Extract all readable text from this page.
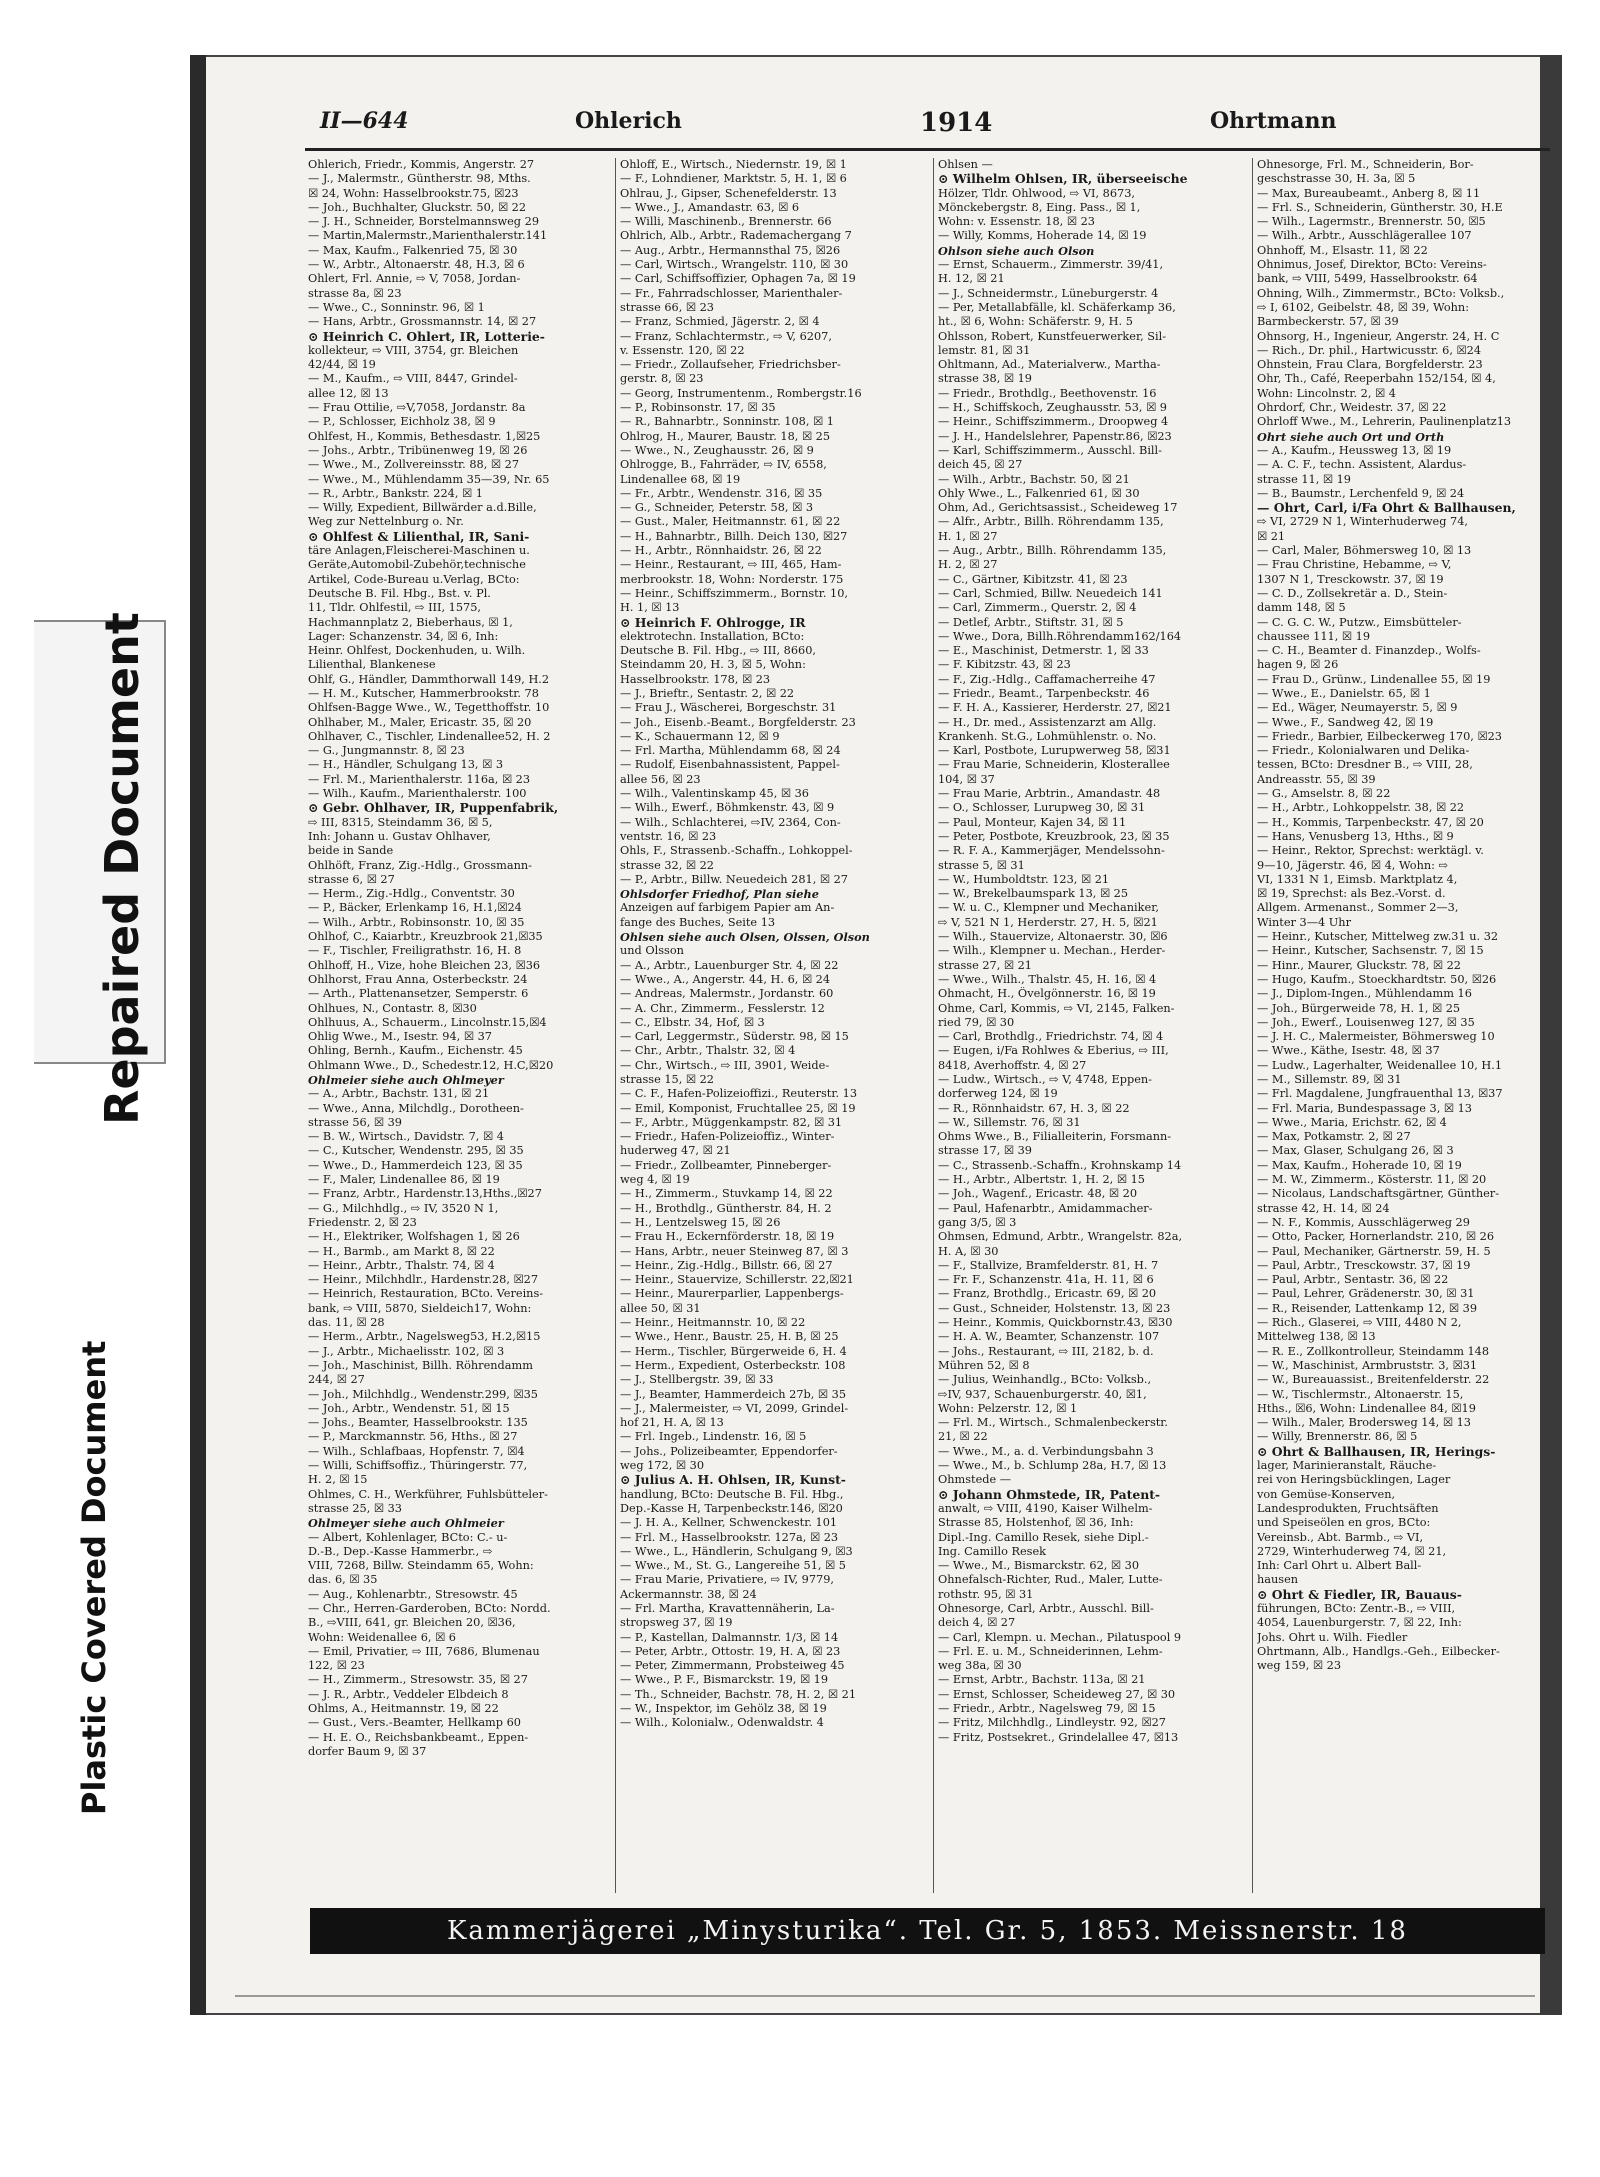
Repaired Document
Plastic Covered Document
II—644	Ohlerich	1914	Ohrtmann
Ohlerich, Friedr., Kommis, Angerstr. 27
— J., Malermstr., Güntherstr. 98, Mths.
☒ 24, Wohn: Hasselbrookstr.75, ☒23
— Joh., Buchhalter, Gluckstr. 50, ☒ 22
— J. H., Schneider, Borstelmannsweg 29
— Martin,Malermstr.,Marienthalerstr.141
— Max, Kaufm., Falkenried 75, ☒ 30
— W., Arbtr., Altonaerstr. 48, H.3, ☒ 6
Ohlert, Frl. Annie, ⇨ V, 7058, Jordan-
strasse 8a, ☒ 23
— Wwe., C., Sonninstr. 96, ☒ 1
— Hans, Arbtr., Grossmannstr. 14, ☒ 27
⊙ Heinrich C. Ohlert, IR, Lotterie-
kollekteur, ⇨ VIII, 3754, gr. Bleichen
42/44, ☒ 19
— M., Kaufm., ⇨ VIII, 8447, Grindel-
allee 12, ☒ 13
— Frau Ottilie, ⇨V,7058, Jordanstr. 8a
— P., Schlosser, Eichholz 38, ☒ 9
Ohlfest, H., Kommis, Bethesdastr. 1,☒25
— Johs., Arbtr., Tribünenweg 19, ☒ 26
— Wwe., M., Zollvereinsstr. 88, ☒ 27
— Wwe., M., Mühlendamm 35—39, Nr. 65
— R., Arbtr., Bankstr. 224, ☒ 1
— Willy, Expedient, Billwärder a.d.Bille,
Weg zur Nettelnburg o. Nr.
⊙ Ohlfest & Lilienthal, IR, Sani-
täre Anlagen,Fleischerei-Maschinen u.
Geräte,Automobil-Zubehör,technische
Artikel, Code-Bureau u.Verlag, BCto:
Deutsche B. Fil. Hbg., Bst. v. Pl.
11, Tldr. Ohlfestil, ⇨ III, 1575,
Hachmannplatz 2, Bieberhaus, ☒ 1,
Lager: Schanzenstr. 34, ☒ 6, Inh:
Heinr. Ohlfest, Dockenhuden, u. Wilh.
Lilienthal, Blankenese
Ohlf, G., Händler, Dammthorwall 149, H.2
— H. M., Kutscher, Hammerbrookstr. 78
Ohlfsen-Bagge Wwe., W., Tegetthoffstr. 10
Ohlhaber, M., Maler, Ericastr. 35, ☒ 20
Ohlhaver, C., Tischler, Lindenallee52, H. 2
— G., Jungmannstr. 8, ☒ 23
— H., Händler, Schulgang 13, ☒ 3
— Frl. M., Marienthalerstr. 116a, ☒ 23
— Wilh., Kaufm., Marienthalerstr. 100
⊙ Gebr. Ohlhaver, IR, Puppenfabrik,
⇨ III, 8315, Steindamm 36, ☒ 5,
Inh: Johann u. Gustav Ohlhaver,
beide in Sande
Ohlhöft, Franz, Zig.-Hdlg., Grossmann-
strasse 6, ☒ 27
— Herm., Zig.-Hdlg., Conventstr. 30
— P., Bäcker, Erlenkamp 16, H.1,☒24
— Wilh., Arbtr., Robinsonstr. 10, ☒ 35
Ohlhof, C., Kaiarbtr., Kreuzbrook 21,☒35
— F., Tischler, Freiligrathstr. 16, H. 8
Ohlhoff, H., Vize, hohe Bleichen 23, ☒36
Ohlhorst, Frau Anna, Osterbeckstr. 24
— Arth., Plattenansetzer, Semperstr. 6
Ohlhues, N., Contastr. 8, ☒30
Ohlhuus, A., Schauerm., Lincolnstr.15,☒4
Ohlig Wwe., M., Isestr. 94, ☒ 37
Ohling, Bernh., Kaufm., Eichenstr. 45
Ohlmann Wwe., D., Schedestr.12, H.C,☒20
Ohlmeier siehe auch Ohlmeyer
— A., Arbtr., Bachstr. 131, ☒ 21
— Wwe., Anna, Milchdlg., Dorotheen-
strasse 56, ☒ 39
— B. W., Wirtsch., Davidstr. 7, ☒ 4
— C., Kutscher, Wendenstr. 295, ☒ 35
— Wwe., D., Hammerdeich 123, ☒ 35
— F., Maler, Lindenallee 86, ☒ 19
— Franz, Arbtr., Hardenstr.13,Hths.,☒27
— G., Milchhdlg., ⇨ IV, 3520 N 1,
Friedenstr. 2, ☒ 23
— H., Elektriker, Wolfshagen 1, ☒ 26
— H., Barmb., am Markt 8, ☒ 22
— Heinr., Arbtr., Thalstr. 74, ☒ 4
— Heinr., Milchhdlr., Hardenstr.28, ☒27
— Heinrich, Restauration, BCto. Vereins-
bank, ⇨ VIII, 5870, Sieldeich17, Wohn:
das. 11, ☒ 28
— Herm., Arbtr., Nagelsweg53, H.2,☒15
— J., Arbtr., Michaelisstr. 102, ☒ 3
— Joh., Maschinist, Billh. Röhrendamm
244, ☒ 27
— Joh., Milchhdlg., Wendenstr.299, ☒35
— Joh., Arbtr., Wendenstr. 51, ☒ 15
— Johs., Beamter, Hasselbrookstr. 135
— P., Marckmannstr. 56, Hths., ☒ 27
— Wilh., Schlafbaas, Hopfenstr. 7, ☒4
— Willi, Schiffsoffiz., Thüringerstr. 77,
H. 2, ☒ 15
Ohlmes, C. H., Werkführer, Fuhlsbütteler-
strasse 25, ☒ 33
Ohlmeyer siehe auch Ohlmeier
— Albert, Kohlenlager, BCto: C.- u-
D.-B., Dep.-Kasse Hammerbr., ⇨
VIII, 7268, Billw. Steindamm 65, Wohn:
das. 6, ☒ 35
— Aug., Kohlenarbtr., Stresowstr. 45
— Chr., Herren-Garderoben, BCto: Nordd.
B., ⇨VIII, 641, gr. Bleichen 20, ☒36,
Wohn: Weidenallee 6, ☒ 6
— Emil, Privatier, ⇨ III, 7686, Blumenau
122, ☒ 23
— H., Zimmerm., Stresowstr. 35, ☒ 27
— J. R., Arbtr., Veddeler Elbdeich 8
Ohlms, A., Heitmannstr. 19, ☒ 22
— Gust., Vers.-Beamter, Hellkamp 60
— H. E. O., Reichsbankbeamt., Eppen-
dorfer Baum 9, ☒ 37
Ohloff, E., Wirtsch., Niedernstr. 19, ☒ 1
— F., Lohndiener, Marktstr. 5, H. 1, ☒ 6
Ohlrau, J., Gipser, Schenefelderstr. 13
— Wwe., J., Amandastr. 63, ☒ 6
— Willi, Maschinenb., Brennerstr. 66
Ohlrich, Alb., Arbtr., Rademachergang 7
— Aug., Arbtr., Hermannsthal 75, ☒26
— Carl, Wirtsch., Wrangelstr. 110, ☒ 30
— Carl, Schiffsoffizier, Ophagen 7a, ☒ 19
— Fr., Fahrradschlosser, Marienthaler-
strasse 66, ☒ 23
— Franz, Schmied, Jägerstr. 2, ☒ 4
— Franz, Schlachtermstr., ⇨ V, 6207,
v. Essenstr. 120, ☒ 22
— Friedr., Zollaufseher, Friedrichsber-
gerstr. 8, ☒ 23
— Georg, Instrumentenm., Rombergstr.16
— P., Robinsonstr. 17, ☒ 35
— R., Bahnarbtr., Sonninstr. 108, ☒ 1
Ohlrog, H., Maurer, Baustr. 18, ☒ 25
— Wwe., N., Zeughausstr. 26, ☒ 9
Ohlrogge, B., Fahrräder, ⇨ IV, 6558,
Lindenallee 68, ☒ 19
— Fr., Arbtr., Wendenstr. 316, ☒ 35
— G., Schneider, Peterstr. 58, ☒ 3
— Gust., Maler, Heitmannstr. 61, ☒ 22
— H., Bahnarbtr., Billh. Deich 130, ☒27
— H., Arbtr., Rönnhaidstr. 26, ☒ 22
— Heinr., Restaurant, ⇨ III, 465, Ham-
merbrookstr. 18, Wohn: Norderstr. 175
— Heinr., Schiffszimmerm., Bornstr. 10,
H. 1, ☒ 13
⊙ Heinrich F. Ohlrogge, IR
elektrotechn. Installation, BCto:
Deutsche B. Fil. Hbg., ⇨ III, 8660,
Steindamm 20, H. 3, ☒ 5, Wohn:
Hasselbrookstr. 178, ☒ 23
— J., Brieftr., Sentastr. 2, ☒ 22
— Frau J., Wäscherei, Borgeschstr. 31
— Joh., Eisenb.-Beamt., Borgfelderstr. 23
— K., Schauermann 12, ☒ 9
— Frl. Martha, Mühlendamm 68, ☒ 24
— Rudolf, Eisenbahnassistent, Pappel-
allee 56, ☒ 23
— Wilh., Valentinskamp 45, ☒ 36
— Wilh., Ewerf., Böhmkenstr. 43, ☒ 9
— Wilh., Schlachterei, ⇨IV, 2364, Con-
ventstr. 16, ☒ 23
Ohls, F., Strassenb.-Schaffn., Lohkoppel-
strasse 32, ☒ 22
— P., Arbtr., Billw. Neuedeich 281, ☒ 27
Ohlsdorfer Friedhof, Plan siehe
Anzeigen auf farbigem Papier am An-
fange des Buches, Seite 13
Ohlsen siehe auch Olsen, Olssen, Olson
und Olsson
— A., Arbtr., Lauenburger Str. 4, ☒ 22
— Wwe., A., Angerstr. 44, H. 6, ☒ 24
— Andreas, Malermstr., Jordanstr. 60
— A. Chr., Zimmerm., Fesslerstr. 12
— C., Elbstr. 34, Hof, ☒ 3
— Carl, Leggermstr., Süderstr. 98, ☒ 15
— Chr., Arbtr., Thalstr. 32, ☒ 4
— Chr., Wirtsch., ⇨ III, 3901, Weide-
strasse 15, ☒ 22
— C. F., Hafen-Polizeioffizi., Reuterstr. 13
— Emil, Komponist, Fruchtallee 25, ☒ 19
— F., Arbtr., Müggenkampstr. 82, ☒ 31
— Friedr., Hafen-Polizeioffiz., Winter-
huderweg 47, ☒ 21
— Friedr., Zollbeamter, Pinneberger-
weg 4, ☒ 19
— H., Zimmerm., Stuvkamp 14, ☒ 22
— H., Brothdlg., Güntherstr. 84, H. 2
— H., Lentzelsweg 15, ☒ 26
— Frau H., Eckernförderstr. 18, ☒ 19
— Hans, Arbtr., neuer Steinweg 87, ☒ 3
— Heinr., Zig.-Hdlg., Billstr. 66, ☒ 27
— Heinr., Stauervize, Schillerstr. 22,☒21
— Heinr., Maurerparlier, Lappenbergs-
allee 50, ☒ 31
— Heinr., Heitmannstr. 10, ☒ 22
— Wwe., Henr., Baustr. 25, H. B, ☒ 25
— Herm., Tischler, Bürgerweide 6, H. 4
— Herm., Expedient, Osterbeckstr. 108
— J., Stellbergstr. 39, ☒ 33
— J., Beamter, Hammerdeich 27b, ☒ 35
— J., Malermeister, ⇨ VI, 2099, Grindel-
hof 21, H. A, ☒ 13
— Frl. Ingeb., Lindenstr. 16, ☒ 5
— Johs., Polizeibeamter, Eppendorfer-
weg 172, ☒ 30
⊙ Julius A. H. Ohlsen, IR, Kunst-
handlung, BCto: Deutsche B. Fil. Hbg.,
Dep.-Kasse H, Tarpenbeckstr.146, ☒20
— J. H. A., Kellner, Schwenckestr. 101
— Frl. M., Hasselbrookstr. 127a, ☒ 23
— Wwe., L., Händlerin, Schulgang 9, ☒3
— Wwe., M., St. G., Langereihe 51, ☒ 5
— Frau Marie, Privatiere, ⇨ IV, 9779,
Ackermannstr. 38, ☒ 24
— Frl. Martha, Kravattennäherin, La-
stropsweg 37, ☒ 19
— P., Kastellan, Dalmannstr. 1/3, ☒ 14
— Peter, Arbtr., Ottostr. 19, H. A, ☒ 23
— Peter, Zimmermann, Probsteiweg 45
— Wwe., P. F., Bismarckstr. 19, ☒ 19
— Th., Schneider, Bachstr. 78, H. 2, ☒ 21
— W., Inspektor, im Gehölz 38, ☒ 19
— Wilh., Kolonialw., Odenwaldstr. 4
Ohlsen —
⊙ Wilhelm Ohlsen, IR, überseeische
Hölzer, Tldr. Ohlwood, ⇨ VI, 8673,
Mönckebergstr. 8, Eing. Pass., ☒ 1,
Wohn: v. Essenstr. 18, ☒ 23
— Willy, Komms, Hoherade 14, ☒ 19
Ohlson siehe auch Olson
— Ernst, Schauerm., Zimmerstr. 39/41,
H. 12, ☒ 21
— J., Schneidermstr., Lüneburgerstr. 4
— Per, Metallabfälle, kl. Schäferkamp 36,
ht., ☒ 6, Wohn: Schäferstr. 9, H. 5
Ohlsson, Robert, Kunstfeuerwerker, Sil-
lemstr. 81, ☒ 31
Ohltmann, Ad., Materialverw., Martha-
strasse 38, ☒ 19
— Friedr., Brothdlg., Beethovenstr. 16
— H., Schiffskoch, Zeughausstr. 53, ☒ 9
— Heinr., Schiffszimmerm., Droopweg 4
— J. H., Handelslehrer, Papenstr.86, ☒23
— Karl, Schiffszimmerm., Ausschl. Bill-
deich 45, ☒ 27
— Wilh., Arbtr., Bachstr. 50, ☒ 21
Ohly Wwe., L., Falkenried 61, ☒ 30
Ohm, Ad., Gerichtsassist., Scheideweg 17
— Alfr., Arbtr., Billh. Röhrendamm 135,
H. 1, ☒ 27
— Aug., Arbtr., Billh. Röhrendamm 135,
H. 2, ☒ 27
— C., Gärtner, Kibitzstr. 41, ☒ 23
— Carl, Schmied, Billw. Neuedeich 141
— Carl, Zimmerm., Querstr. 2, ☒ 4
— Detlef, Arbtr., Stiftstr. 31, ☒ 5
— Wwe., Dora, Billh.Röhrendamm162/164
— E., Maschinist, Detmerstr. 1, ☒ 33
— F. Kibitzstr. 43, ☒ 23
— F., Zig.-Hdlg., Caffamacherreihe 47
— Friedr., Beamt., Tarpenbeckstr. 46
— F. H. A., Kassierer, Herderstr. 27, ☒21
— H., Dr. med., Assistenzarzt am Allg.
Krankenh. St.G., Lohmühlenstr. o. No.
— Karl, Postbote, Lurupwerweg 58, ☒31
— Frau Marie, Schneiderin, Klosterallee
104, ☒ 37
— Frau Marie, Arbtrin., Amandastr. 48
— O., Schlosser, Lurupweg 30, ☒ 31
— Paul, Monteur, Kajen 34, ☒ 11
— Peter, Postbote, Kreuzbrook, 23, ☒ 35
— R. F. A., Kammerjäger, Mendelssohn-
strasse 5, ☒ 31
— W., Humboldtstr. 123, ☒ 21
— W., Brekelbaumspark 13, ☒ 25
— W. u. C., Klempner und Mechaniker,
⇨ V, 521 N 1, Herderstr. 27, H. 5, ☒21
— Wilh., Stauervize, Altonaerstr. 30, ☒6
— Wilh., Klempner u. Mechan., Herder-
strasse 27, ☒ 21
— Wwe., Wilh., Thalstr. 45, H. 16, ☒ 4
Ohmacht, H., Övelgönnerstr. 16, ☒ 19
Ohme, Carl, Kommis, ⇨ VI, 2145, Falken-
ried 79, ☒ 30
— Carl, Brothdlg., Friedrichstr. 74, ☒ 4
— Eugen, i/Fa Rohlwes & Eberius, ⇨ III,
8418, Averhoffstr. 4, ☒ 27
— Ludw., Wirtsch., ⇨ V, 4748, Eppen-
dorferweg 124, ☒ 19
— R., Rönnhaidstr. 67, H. 3, ☒ 22
— W., Sillemstr. 76, ☒ 31
Ohms Wwe., B., Filialleiterin, Forsmann-
strasse 17, ☒ 39
— C., Strassenb.-Schaffn., Krohnskamp 14
— H., Arbtr., Albertstr. 1, H. 2, ☒ 15
— Joh., Wagenf., Ericastr. 48, ☒ 20
— Paul, Hafenarbtr., Amidammacher-
gang 3/5, ☒ 3
Ohmsen, Edmund, Arbtr., Wrangelstr. 82a,
H. A, ☒ 30
— F., Stallvize, Bramfelderstr. 81, H. 7
— Fr. F., Schanzenstr. 41a, H. 11, ☒ 6
— Franz, Brothdlg., Ericastr. 69, ☒ 20
— Gust., Schneider, Holstenstr. 13, ☒ 23
— Heinr., Kommis, Quickbornstr.43, ☒30
— H. A. W., Beamter, Schanzenstr. 107
— Johs., Restaurant, ⇨ III, 2182, b. d.
Mühren 52, ☒ 8
— Julius, Weinhandlg., BCto: Volksb.,
⇨IV, 937, Schauenburgerstr. 40, ☒1,
Wohn: Pelzerstr. 12, ☒ 1
— Frl. M., Wirtsch., Schmalenbeckerstr.
21, ☒ 22
— Wwe., M., a. d. Verbindungsbahn 3
— Wwe., M., b. Schlump 28a, H.7, ☒ 13
Ohmstede —
⊙ Johann Ohmstede, IR, Patent-
anwalt, ⇨ VIII, 4190, Kaiser Wilhelm-
Strasse 85, Holstenhof, ☒ 36, Inh:
Dipl.-Ing. Camillo Resek, siehe Dipl.-
Ing. Camillo Resek
— Wwe., M., Bismarckstr. 62, ☒ 30
Ohnefalsch-Richter, Rud., Maler, Lutte-
rothstr. 95, ☒ 31
Ohnesorge, Carl, Arbtr., Ausschl. Bill-
deich 4, ☒ 27
— Carl, Klempn. u. Mechan., Pilatuspool 9
— Frl. E. u. M., Schneiderinnen, Lehm-
weg 38a, ☒ 30
— Ernst, Arbtr., Bachstr. 113a, ☒ 21
— Ernst, Schlosser, Scheideweg 27, ☒ 30
— Friedr., Arbtr., Nagelsweg 79, ☒ 15
— Fritz, Milchhdlg., Lindleystr. 92, ☒27
— Fritz, Postsekret., Grindelallee 47, ☒13
Ohnesorge, Frl. M., Schneiderin, Bor-
geschstrasse 30, H. 3a, ☒ 5
— Max, Bureaubeamt., Anberg 8, ☒ 11
— Frl. S., Schneiderin, Güntherstr. 30, H.E
— Wilh., Lagermstr., Brennerstr. 50, ☒5
— Wilh., Arbtr., Ausschlägerallee 107
Ohnhoff, M., Elsastr. 11, ☒ 22
Ohnimus, Josef, Direktor, BCto: Vereins-
bank, ⇨ VIII, 5499, Hasselbrookstr. 64
Ohning, Wilh., Zimmermstr., BCto: Volksb.,
⇨ I, 6102, Geibelstr. 48, ☒ 39, Wohn:
Barmbeckerstr. 57, ☒ 39
Ohnsorg, H., Ingenieur, Angerstr. 24, H. C
— Rich., Dr. phil., Hartwicusstr. 6, ☒24
Ohnstein, Frau Clara, Borgfelderstr. 23
Ohr, Th., Café, Reeperbahn 152/154, ☒ 4,
Wohn: Lincolnstr. 2, ☒ 4
Ohrdorf, Chr., Weidestr. 37, ☒ 22
Ohrloff Wwe., M., Lehrerin, Paulinenplatz13
Ohrt siehe auch Ort und Orth
— A., Kaufm., Heussweg 13, ☒ 19
— A. C. F., techn. Assistent, Alardus-
strasse 11, ☒ 19
— B., Baumstr., Lerchenfeld 9, ☒ 24
— Ohrt, Carl, i/Fa Ohrt & Ballhausen,
⇨ VI, 2729 N 1, Winterhuderweg 74,
☒ 21
— Carl, Maler, Böhmersweg 10, ☒ 13
— Frau Christine, Hebamme, ⇨ V,
1307 N 1, Tresckowstr. 37, ☒ 19
— C. D., Zollsekretär a. D., Stein-
damm 148, ☒ 5
— C. G. C. W., Putzw., Eimsbütteler-
chaussee 111, ☒ 19
— C. H., Beamter d. Finanzdep., Wolfs-
hagen 9, ☒ 26
— Frau D., Grünw., Lindenallee 55, ☒ 19
— Wwe., E., Danielstr. 65, ☒ 1
— Ed., Wäger, Neumayerstr. 5, ☒ 9
— Wwe., F., Sandweg 42, ☒ 19
— Friedr., Barbier, Eilbeckerweg 170, ☒23
— Friedr., Kolonialwaren und Delika-
tessen, BCto: Dresdner B., ⇨ VIII, 28,
Andreasstr. 55, ☒ 39
— G., Amselstr. 8, ☒ 22
— H., Arbtr., Lohkoppelstr. 38, ☒ 22
— H., Kommis, Tarpenbeckstr. 47, ☒ 20
— Hans, Venusberg 13, Hths., ☒ 9
— Heinr., Rektor, Sprechst: werktägl. v.
9—10, Jägerstr. 46, ☒ 4, Wohn: ⇨
VI, 1331 N 1, Eimsb. Marktplatz 4,
☒ 19, Sprechst: als Bez.-Vorst. d.
Allgem. Armenanst., Sommer 2—3,
Winter 3—4 Uhr
— Heinr., Kutscher, Mittelweg zw.31 u. 32
— Heinr., Kutscher, Sachsenstr. 7, ☒ 15
— Hinr., Maurer, Gluckstr. 78, ☒ 22
— Hugo, Kaufm., Stoeckhardtstr. 50, ☒26
— J., Diplom-Ingen., Mühlendamm 16
— Joh., Bürgerweide 78, H. 1, ☒ 25
— Joh., Ewerf., Louisenweg 127, ☒ 35
— J. H. C., Malermeister, Böhmersweg 10
— Wwe., Käthe, Isestr. 48, ☒ 37
— Ludw., Lagerhalter, Weidenallee 10, H.1
— M., Sillemstr. 89, ☒ 31
— Frl. Magdalene, Jungfrauenthal 13, ☒37
— Frl. Maria, Bundespassage 3, ☒ 13
— Wwe., Maria, Erichstr. 62, ☒ 4
— Max, Potkamstr. 2, ☒ 27
— Max, Glaser, Schulgang 26, ☒ 3
— Max, Kaufm., Hoherade 10, ☒ 19
— M. W., Zimmerm., Kösterstr. 11, ☒ 20
— Nicolaus, Landschaftsgärtner, Günther-
strasse 42, H. 14, ☒ 24
— N. F., Kommis, Ausschlägerweg 29
— Otto, Packer, Hornerlandstr. 210, ☒ 26
— Paul, Mechaniker, Gärtnerstr. 59, H. 5
— Paul, Arbtr., Tresckowstr. 37, ☒ 19
— Paul, Arbtr., Sentastr. 36, ☒ 22
— Paul, Lehrer, Grädenerstr. 30, ☒ 31
— R., Reisender, Lattenkamp 12, ☒ 39
— Rich., Glaserei, ⇨ VIII, 4480 N 2,
Mittelweg 138, ☒ 13
— R. E., Zollkontrolleur, Steindamm 148
— W., Maschinist, Armbruststr. 3, ☒31
— W., Bureauassist., Breitenfelderstr. 22
— W., Tischlermstr., Altonaerstr. 15,
Hths., ☒6, Wohn: Lindenallee 84, ☒19
— Wilh., Maler, Brodersweg 14, ☒ 13
— Willy, Brennerstr. 86, ☒ 5
⊙ Ohrt & Ballhausen, IR, Herings-
lager, Marinieranstalt, Räuche-
rei von Heringsbücklingen, Lager
von Gemüse-Konserven,
Landesprodukten, Fruchtsäften
und Speiseölen en gros, BCto:
Vereinsb., Abt. Barmb., ⇨ VI,
2729, Winterhuderweg 74, ☒ 21,
Inh: Carl Ohrt u. Albert Ball-
hausen
⊙ Ohrt & Fiedler, IR, Bauaus-
führungen, BCto: Zentr.-B., ⇨ VIII,
4054, Lauenburgerstr. 7, ☒ 22, Inh:
Johs. Ohrt u. Wilh. Fiedler
Ohrtmann, Alb., Handlgs.-Geh., Eilbecker-
weg 159, ☒ 23
Kammerjägerei „Minysturika“. Tel. Gr. 5, 1853. Meissnerstr. 18
